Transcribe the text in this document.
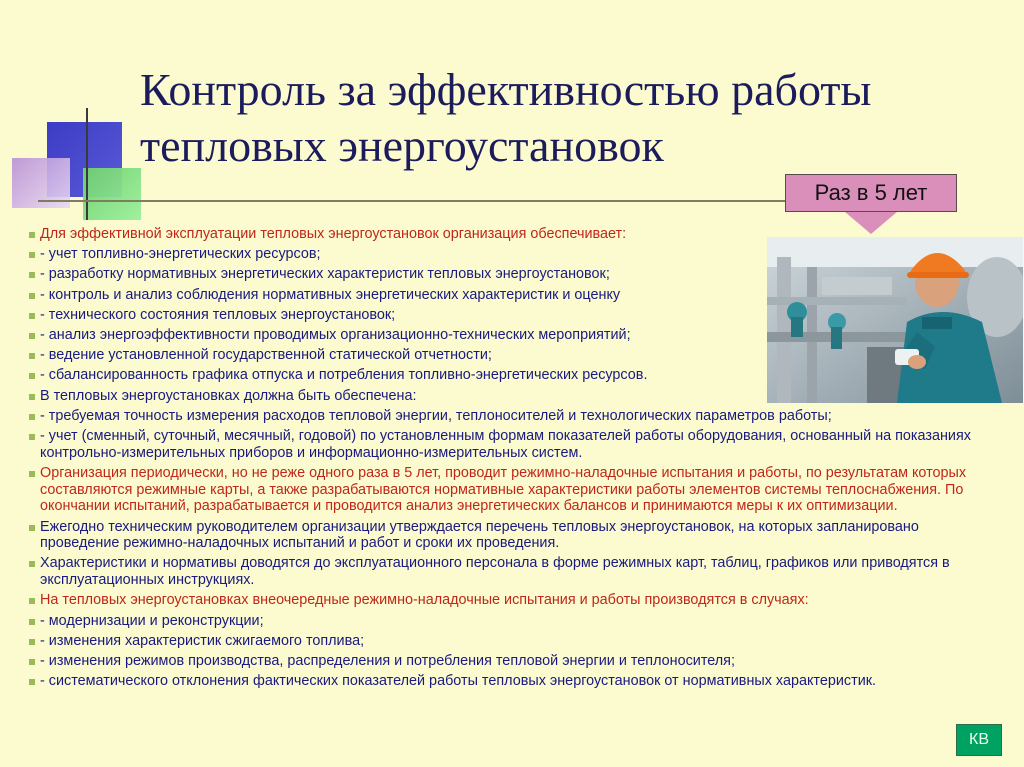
Контроль за эффективностью работы
тепловых энергоустановок
Раз в 5 лет
Для эффективной эксплуатации тепловых энергоустановок организация обеспечивает:
- учет топливно-энергетических ресурсов;
- разработку нормативных энергетических характеристик тепловых энергоустановок;
- контроль и анализ соблюдения нормативных энергетических характеристик и оценку
- технического состояния тепловых энергоустановок;
- анализ энергоэффективности проводимых организационно-технических мероприятий;
- ведение установленной государственной статической отчетности;
- сбалансированность графика отпуска и потребления топливно-энергетических ресурсов.
В тепловых энергоустановках должна быть обеспечена:
- требуемая точность измерения расходов тепловой энергии, теплоносителей и технологических параметров работы;
- учет (сменный, суточный, месячный, годовой) по установленным формам показателей работы оборудования, основанный на показаниях контрольно-измерительных приборов и информационно-измерительных систем.
Организация периодически, но не реже одного раза в 5 лет, проводит режимно-наладочные испытания и работы, по результатам которых составляются режимные карты, а также разрабатываются нормативные характеристики работы элементов системы теплоснабжения. По окончании испытаний, разрабатывается и проводится анализ энергетических балансов и принимаются меры к их оптимизации.
Ежегодно техническим руководителем организации утверждается перечень тепловых энергоустановок, на которых запланировано проведение режимно-наладочных испытаний и работ и сроки их проведения.
Характеристики и нормативы доводятся до эксплуатационного персонала в форме режимных карт, таблиц, графиков или приводятся в эксплуатационных инструкциях.
На тепловых энергоустановках внеочередные режимно-наладочные испытания и работы производятся в случаях:
- модернизации и реконструкции;
- изменения характеристик сжигаемого топлива;
- изменения режимов производства, распределения и потребления тепловой энергии и теплоносителя;
- систематического отклонения фактических показателей работы тепловых энергоустановок от нормативных характеристик.
КВ
